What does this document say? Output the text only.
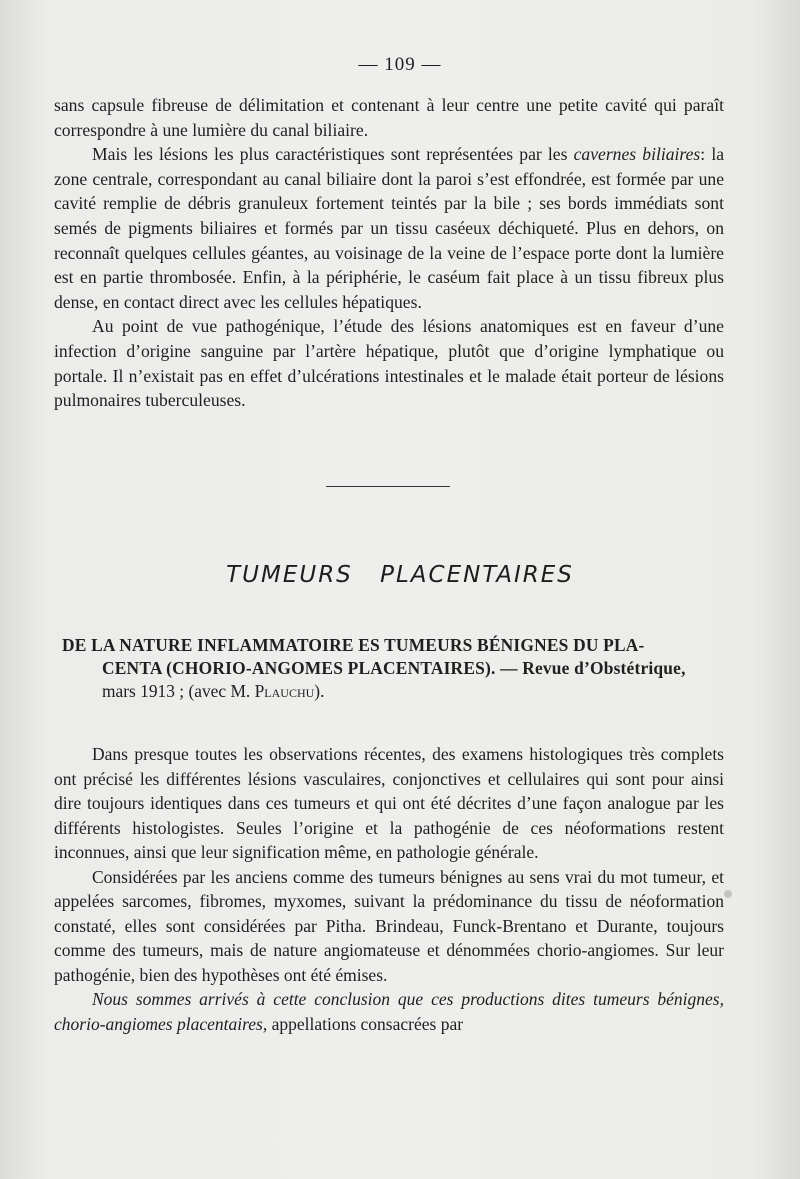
— 109 —

sans capsule fibreuse de délimitation et contenant à leur centre une petite cavité qui paraît correspondre à une lumière du canal biliaire.

Mais les lésions les plus caractéristiques sont représentées par les cavernes biliaires: la zone centrale, correspondant au canal biliaire dont la paroi s’est effondrée, est formée par une cavité remplie de débris granuleux fortement teintés par la bile ; ses bords immédiats sont semés de pigments biliaires et formés par un tissu caséeux déchiqueté. Plus en dehors, on reconnaît quelques cellules géantes, au voisinage de la veine de l’espace porte dont la lumière est en partie thrombosée. Enfin, à la périphérie, le caséum fait place à un tissu fibreux plus dense, en contact direct avec les cellules hépatiques.

Au point de vue pathogénique, l’étude des lésions anatomiques est en faveur d’une infection d’origine sanguine par l’artère hépatique, plutôt que d’origine lymphatique ou portale. Il n’existait pas en effet d’ulcérations intestinales et le malade était porteur de lésions pulmonaires tuberculeuses.

TUMEURS PLACENTAIRES
DE LA NATURE INFLAMMATOIRE ES TUMEURS BÉNIGNES DU PLA-
CENTA (CHORIO-ANGOMES PLACENTAIRES). — Revue d’Obstétrique,
mars 1913 ; (avec M. Plauchu).

Dans presque toutes les observations récentes, des examens histologiques très complets ont précisé les différentes lésions vasculaires, conjonctives et cellulaires qui sont pour ainsi dire toujours identiques dans ces tumeurs et qui ont été décrites d’une façon analogue par les différents histologistes. Seules l’origine et la pathogénie de ces néoformations restent inconnues, ainsi que leur signification même, en pathologie générale.

Considérées par les anciens comme des tumeurs bénignes au sens vrai du mot tumeur, et appelées sarcomes, fibromes, myxomes, suivant la prédominance du tissu de néoformation constaté, elles sont considérées par Pitha. Brindeau, Funck-Brentano et Durante, toujours comme des tumeurs, mais de nature angiomateuse et dénommées chorio-angiomes. Sur leur pathogénie, bien des hypothèses ont été émises.

Nous sommes arrivés à cette conclusion que ces productions dites tumeurs bénignes, chorio-angiomes placentaires, appellations consacrées par
